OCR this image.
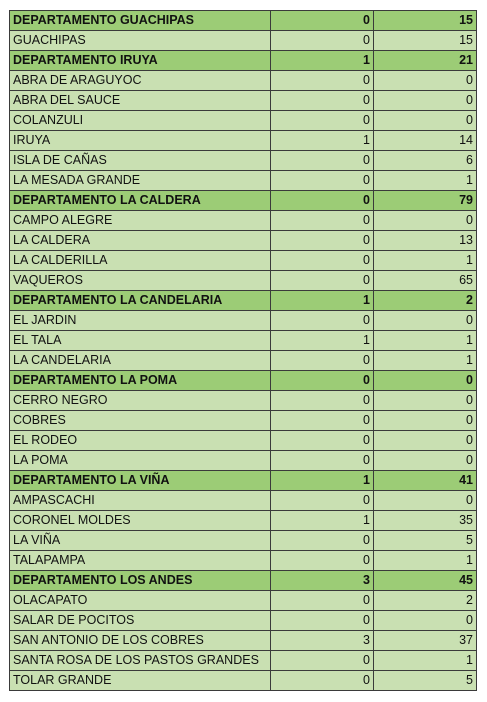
DEPARTAMENTO GUACHIPAS	0	15
GUACHIPAS	0	15
DEPARTAMENTO IRUYA	1	21
ABRA DE ARAGUYOC	0	0
ABRA DEL SAUCE	0	0
COLANZULI	0	0
IRUYA	1	14
ISLA DE CAÑAS	0	6
LA MESADA GRANDE	0	1
DEPARTAMENTO LA CALDERA	0	79
CAMPO ALEGRE	0	0
LA CALDERA	0	13
LA CALDERILLA	0	1
VAQUEROS	0	65
DEPARTAMENTO LA CANDELARIA	1	2
EL JARDIN	0	0
EL TALA	1	1
LA CANDELARIA	0	1
DEPARTAMENTO LA POMA	0	0
CERRO NEGRO	0	0
COBRES	0	0
EL RODEO	0	0
LA POMA	0	0
DEPARTAMENTO LA VIÑA	1	41
AMPASCACHI	0	0
CORONEL MOLDES	1	35
LA VIÑA	0	5
TALAPAMPA	0	1
DEPARTAMENTO LOS ANDES	3	45
OLACAPATO	0	2
SALAR DE POCITOS	0	0
SAN ANTONIO DE LOS COBRES	3	37
SANTA ROSA DE LOS PASTOS GRANDES	0	1
TOLAR GRANDE	0	5
